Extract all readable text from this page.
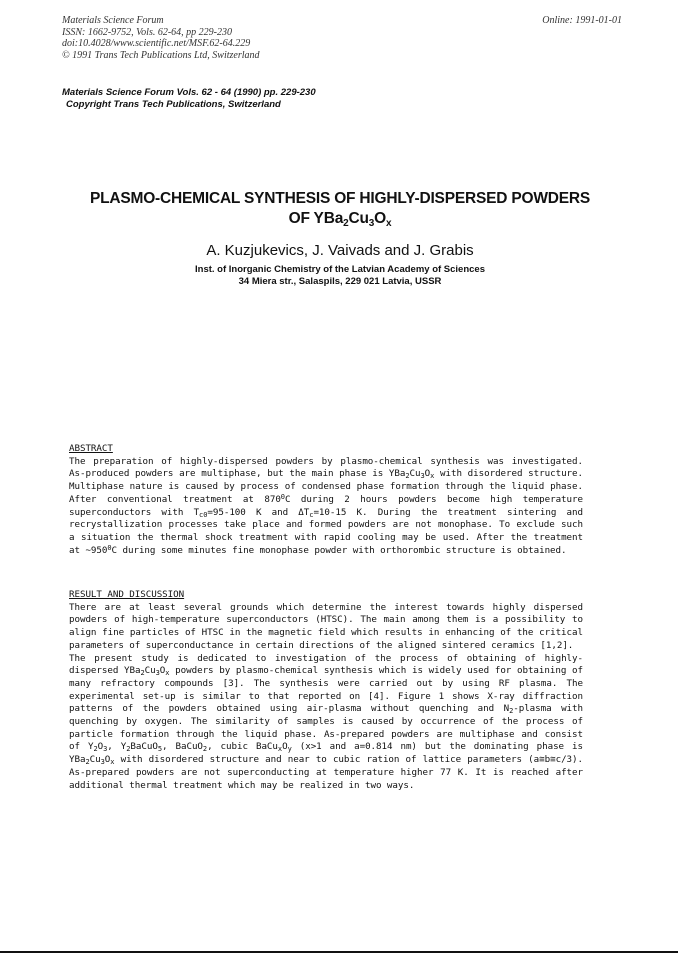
Materials Science Forum
ISSN: 1662-9752, Vols. 62-64, pp 229-230
doi:10.4028/www.scientific.net/MSF.62-64.229
© 1991 Trans Tech Publications Ltd, Switzerland
Online: 1991-01-01
Materials Science Forum Vols. 62 - 64 (1990) pp. 229-230
Copyright Trans Tech Publications, Switzerland
PLASMO-CHEMICAL SYNTHESIS OF HIGHLY-DISPERSED POWDERS
OF $YBa_2Cu_3O_x$
A. Kuzjukevics, J. Vaivads and J. Grabis
Inst. of Inorganic Chemistry of the Latvian Academy of Sciences
34 Miera str., Salaspils, 229 021 Latvia, USSR
ABSTRACT

The preparation of highly-dispersed powders by plasmo-chemical synthesis was investigated. As-produced powders are multiphase, but the main phase is $YBa_2Cu_3O_x$ with disordered structure. Multiphase nature is caused by process of condensed phase formation through the liquid phase. After conventional treatment at $870^0C$ during 2 hours powders become high temperature superconductors with $T_{c0}=95-100$ K and $\Delta T_c=10-15$ K. During the treatment sintering and recrystallization processes take place and formed powders are not monophase. To exclude such a situation the thermal shock treatment with rapid cooling may be used. After the treatment at $\sim 950^0C$ during some minutes fine monophase powder with orthorombic structure is obtained.

RESULT AND DISCUSSION

There are at least several grounds which determine the interest towards highly dispersed powders of high-temperature superconductors (HTSC). The main among them is a possibility to align fine particles of HTSC in the magnetic field which results in enhancing of the critical parameters of superconductance in certain directions of the aligned sintered ceramics [1,2].

The present study is dedicated to investigation of the process of obtaining of highly-dispersed $YBa_2Cu_3O_x$ powders by plasmo-chemical synthesis which is widely used for obtaining of many refractory compounds [3]. The synthesis were carried out by using RF plasma. The experimental set-up is similar to that reported on [4]. Figure 1 shows X-ray diffraction patterns of the powders obtained using air-plasma without quenching and $N_2$-plasma with quenching by oxygen. The similarity of samples is caused by occurrence of the process of particle formation through the liquid phase. As-prepared powders are multiphase and consist of $Y_2O_3$, $Y_2BaCuO_5$, BaCuO$_2$, cubic $BaCu_xO_y$ (x>1 and a=0.814 nm) but the dominating phase is $YBa_2Cu_3O_x$ with disordered structure and near to cubic ration of lattice parameters (a≅b≅c/3). As-prepared powders are not superconducting at temperature higher 77 K. It is reached after additional thermal treatment which may be realized in two ways.
